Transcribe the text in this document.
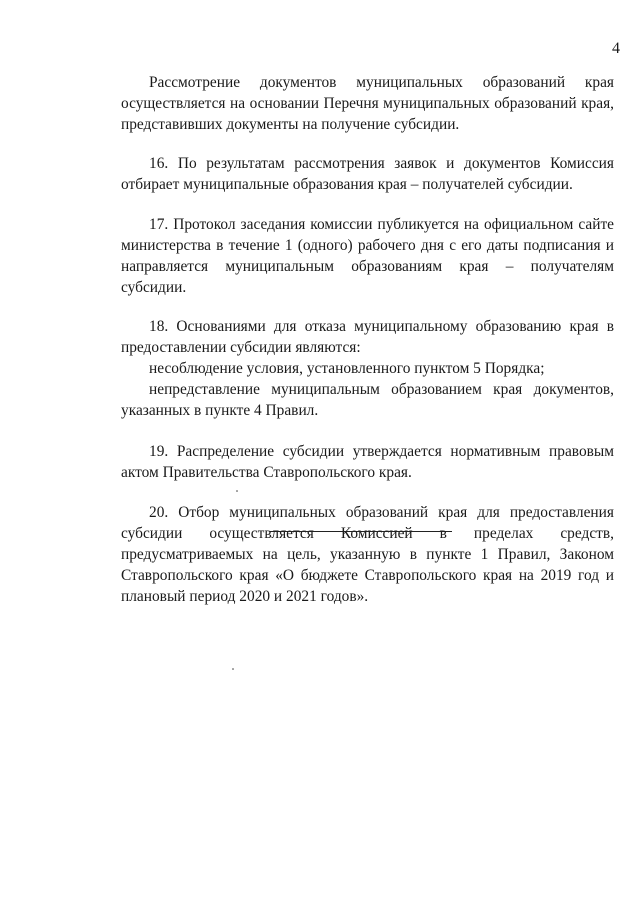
4

Рассмотрение документов муниципальных образований края осуществляется на основании Перечня муниципальных образований края, представивших документы на получение субсидии.

16. По результатам рассмотрения заявок и документов Комиссия отбирает муниципальные образования края – получателей субсидии.

17. Протокол заседания комиссии публикуется на официальном сайте министерства в течение 1 (одного) рабочего дня с его даты подписания и направляется муниципальным образованиям края – получателям субсидии.

18. Основаниями для отказа муниципальному образованию края в предоставлении субсидии являются:

несоблюдение условия, установленного пунктом 5 Порядка;

непредставление муниципальным образованием края документов, указанных в пункте 4 Правил.

19. Распределение субсидии утверждается нормативным правовым актом Правительства Ставропольского края.

20. Отбор муниципальных образований края для предоставления субсидии осуществляется Комиссией в пределах средств, предусматриваемых на цель, указанную в пункте 1 Правил, Законом Ставропольского края «О бюджете Ставропольского края на 2019 год и плановый период 2020 и 2021 годов».
